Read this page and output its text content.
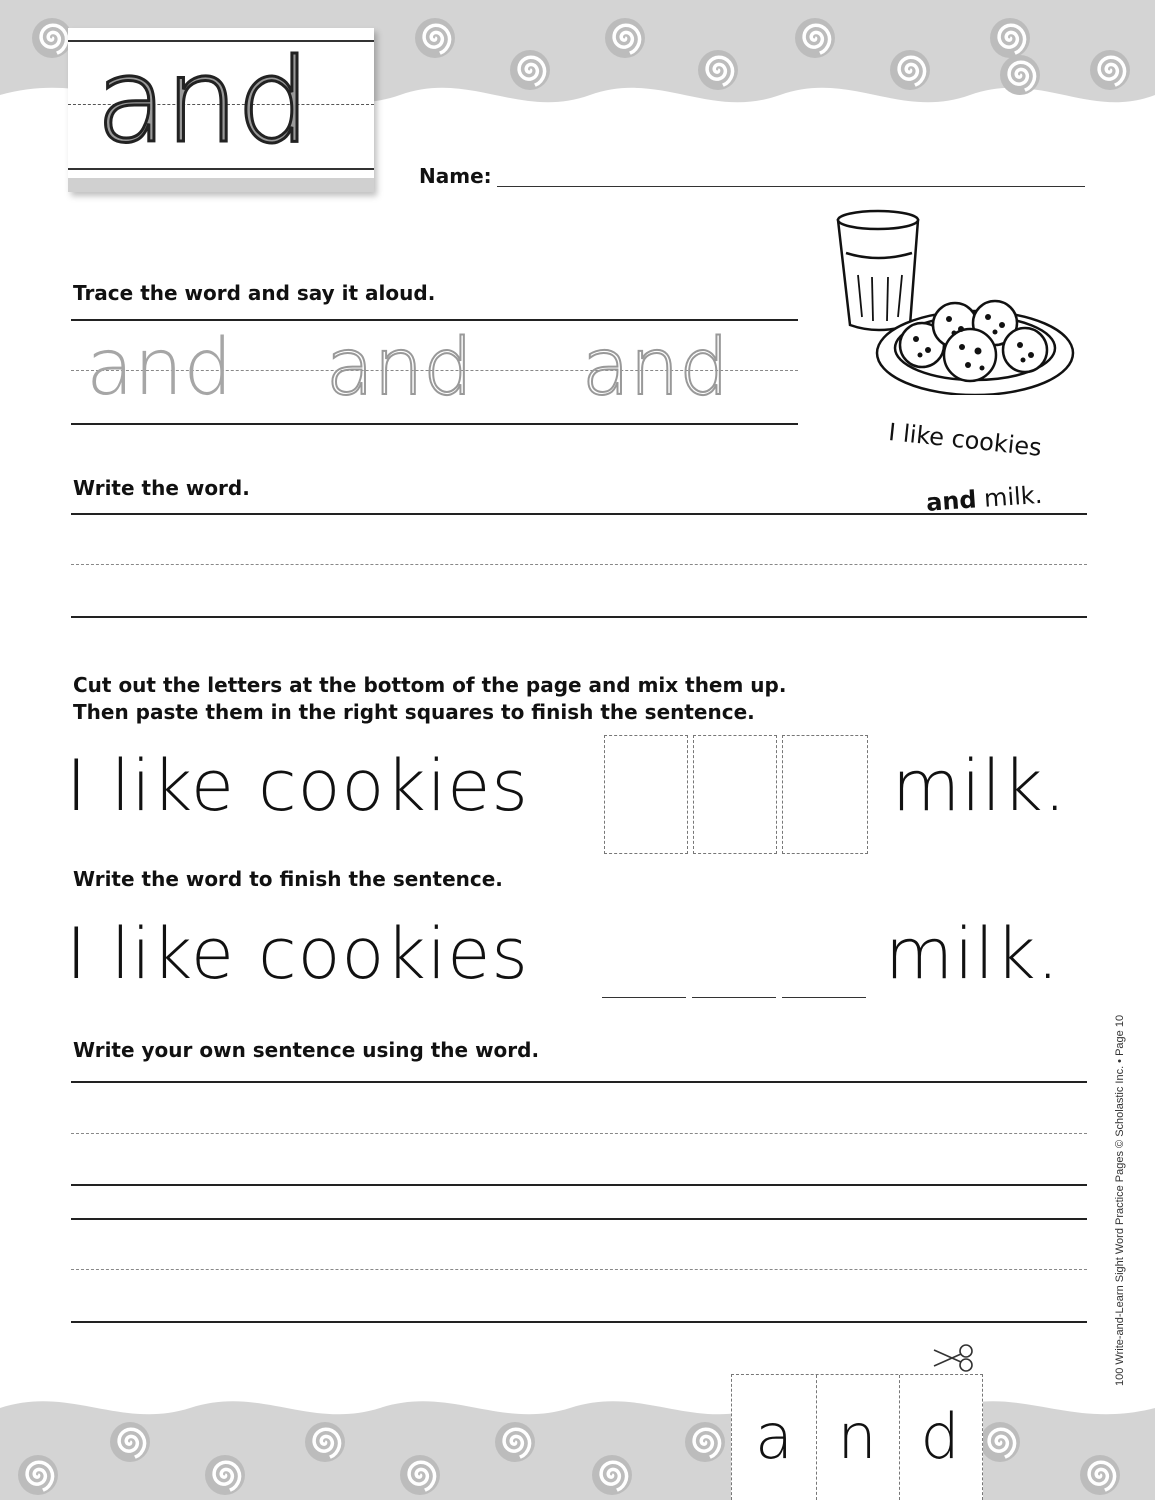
and
Name:
I like cookies

and milk.

Trace the word and say it aloud.
and and and
Write the word.
Cut out the letters at the bottom of the page and mix them up.
Then paste them in the right squares to finish the sentence.
I like cookies	milk.
Write the word to finish the sentence.
I like cookies	milk.
Write your own sentence using the word.	100 Write-and-Learn Sight Word Practice Pages © Scholastic Inc. • Page 10
a n d
